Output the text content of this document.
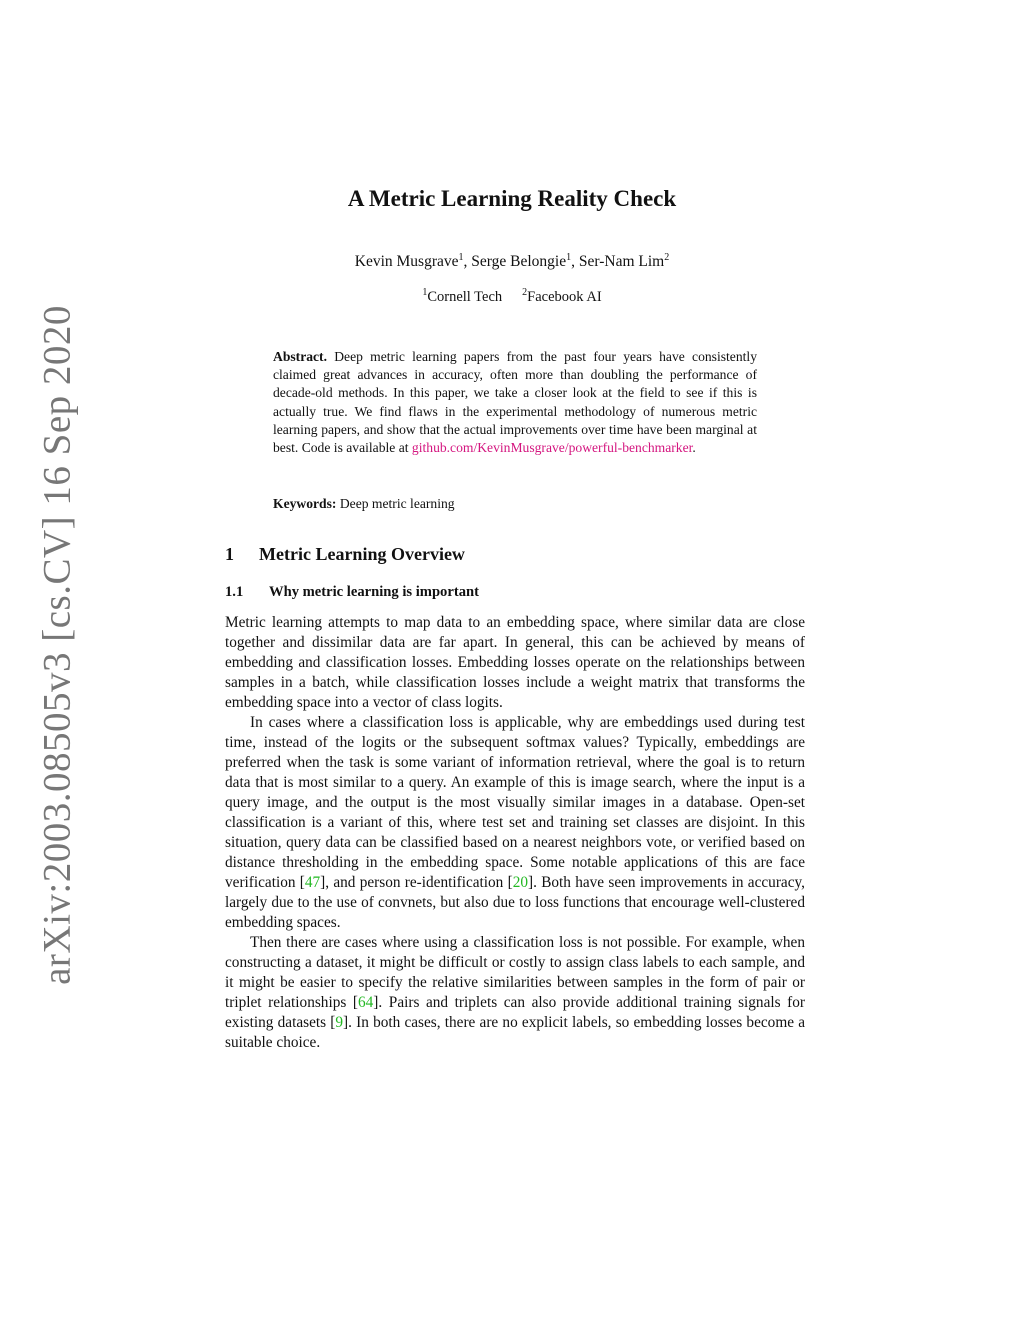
arXiv:2003.08505v3 [cs.CV] 16 Sep 2020
A Metric Learning Reality Check
Kevin Musgrave$^1$, Serge Belongie$^1$, Ser-Nam Lim$^2$
$^1$Cornell Tech $^2$Facebook AI
Abstract. Deep metric learning papers from the past four years have consistently claimed great advances in accuracy, often more than doubling the performance of decade-old methods. In this paper, we take a closer look at the field to see if this is actually true. We find flaws in the experimental methodology of numerous metric learning papers, and show that the actual improvements over time have been marginal at best. Code is available at github.com/KevinMusgrave/powerful-benchmarker.
Keywords: Deep metric learning
1 Metric Learning Overview
1.1 Why metric learning is important

Metric learning attempts to map data to an embedding space, where similar data are close together and dissimilar data are far apart. In general, this can be achieved by means of embedding and classification losses. Embedding losses operate on the relationships between samples in a batch, while classification losses include a weight matrix that transforms the embedding space into a vector of class logits.

In cases where a classification loss is applicable, why are embeddings used during test time, instead of the logits or the subsequent softmax values? Typically, embeddings are preferred when the task is some variant of information retrieval, where the goal is to return data that is most similar to a query. An example of this is image search, where the input is a query image, and the output is the most visually similar images in a database. Open-set classification is a variant of this, where test set and training set classes are disjoint. In this situation, query data can be classified based on a nearest neighbors vote, or verified based on distance thresholding in the embedding space. Some notable applications of this are face verification [47], and person re-identification [20]. Both have seen improvements in accuracy, largely due to the use of convnets, but also due to loss functions that encourage well-clustered embedding spaces.

Then there are cases where using a classification loss is not possible. For example, when constructing a dataset, it might be difficult or costly to assign class labels to each sample, and it might be easier to specify the relative similarities between samples in the form of pair or triplet relationships [64]. Pairs and triplets can also provide additional training signals for existing datasets [9]. In both cases, there are no explicit labels, so embedding losses become a suitable choice.
